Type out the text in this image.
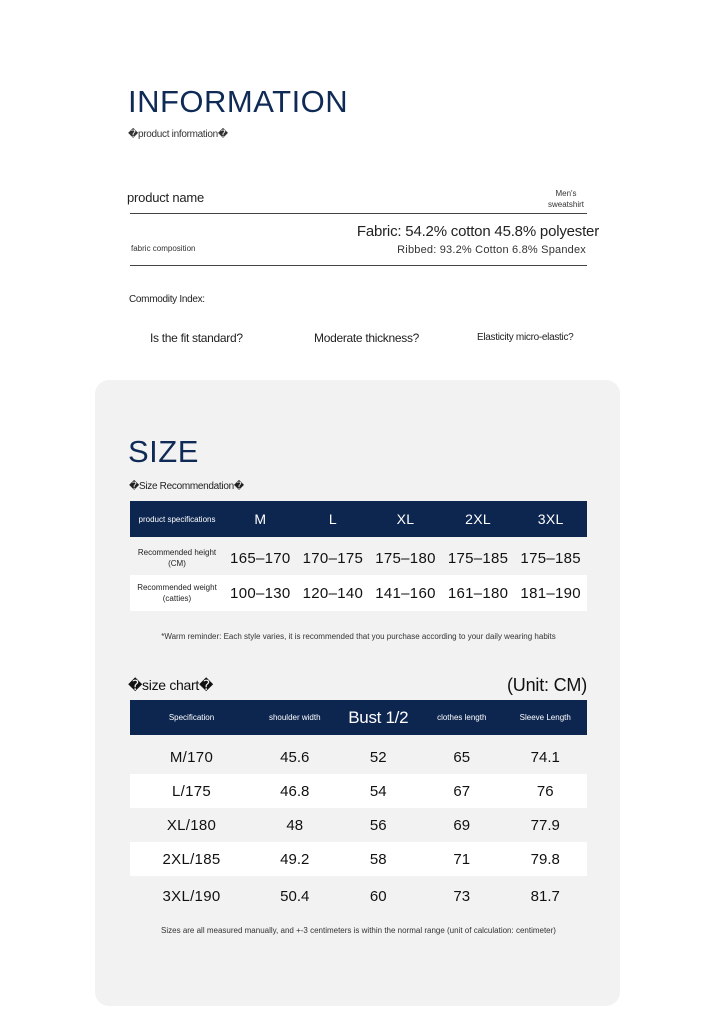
INFORMATION
�product information�
product name	Men's sweatshirt
fabric composition
Fabric: 54.2% cotton 45.8% polyester
Ribbed: 93.2% Cotton 6.8% Spandex
Commodity Index:
Is the fit standard?	Moderate thickness?	Elasticity micro-elastic?
SIZE
�Size Recommendation�
product specifications	M	L	XL	2XL	3XL
Recommended height (CM)	165–170 170–175 175–180 175–185 175–185
Recommended weight (catties)	100–130 120–140 141–160 161–180 181–190
*Warm reminder: Each style varies, it is recommended that you purchase according to your daily wearing habits
�size chart�	(Unit: CM)
Specification	shoulder width	Bust 1/2	clothes length	Sleeve Length
M/170	45.6	52	65	74.1
L/175	46.8	54	67	76
XL/180	48	56	69	77.9
2XL/185	49.2	58	71	79.8
3XL/190	50.4	60	73	81.7
Sizes are all measured manually, and +-3 centimeters is within the normal range (unit of calculation: centimeter)
